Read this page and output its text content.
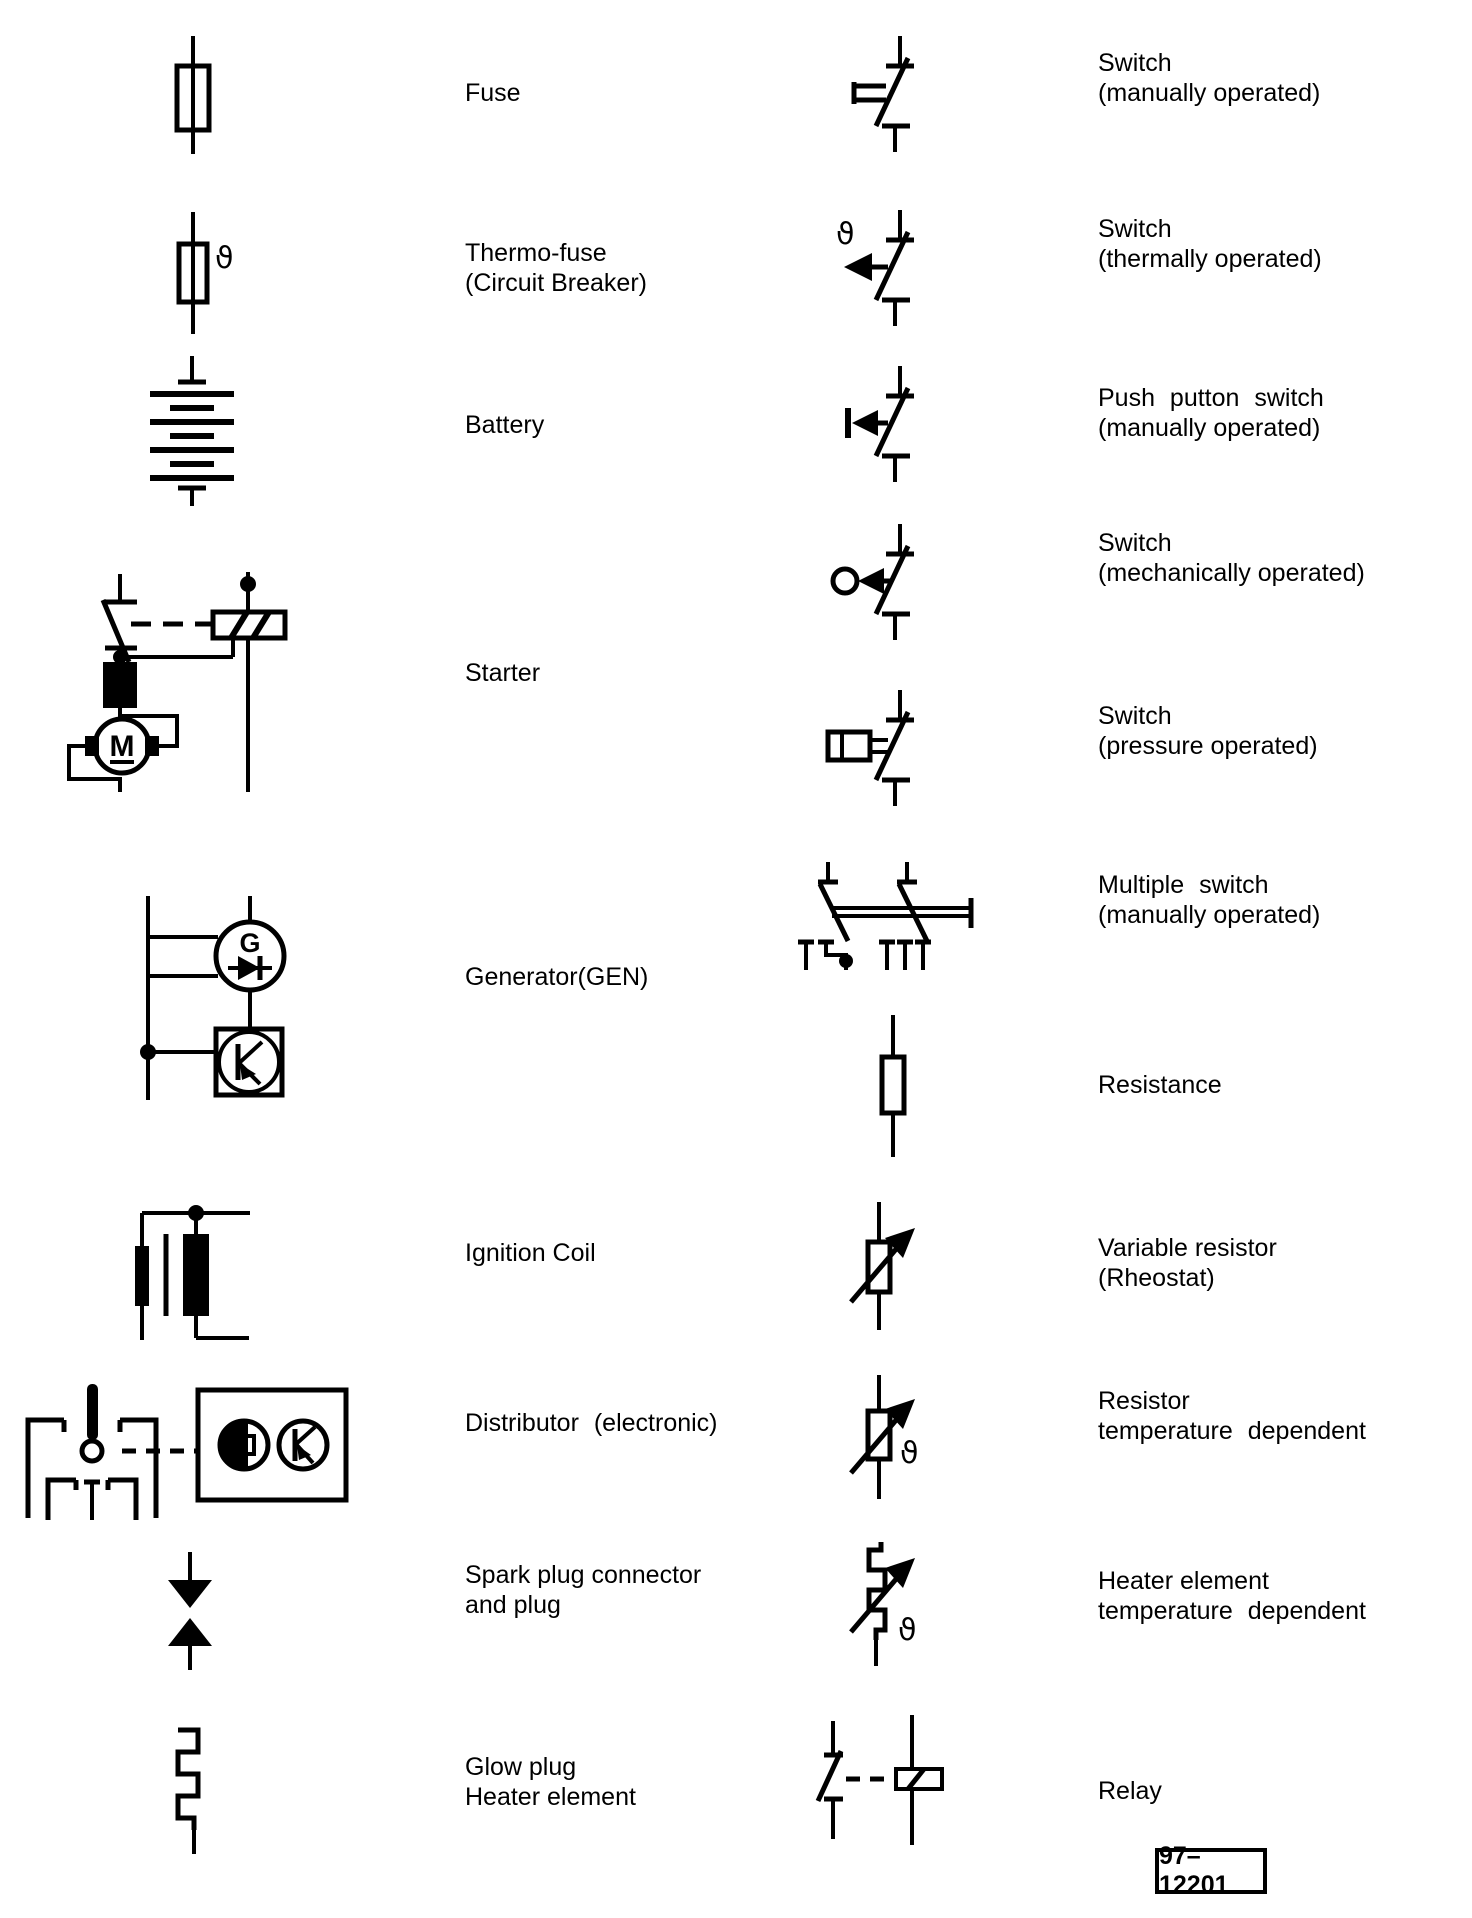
ϑ
M
G
ϑ
ϑ
ϑ
Fuse
Thermo-fuse
(Circuit Breaker)
Battery
Starter
Generator(GEN)
Ignition Coil
Distributor (electronic)
Spark plug connector
and plug
Glow plug
Heater element
Switch
(manually operated)
Switch
(thermally operated)
Push putton switch
(manually operated)
Switch
(mechanically operated)
Switch
(pressure operated)
Multiple switch
(manually operated)
Resistance
Variable resistor
(Rheostat)
Resistor
temperature dependent
Heater element
temperature dependent
Relay
97–12201
